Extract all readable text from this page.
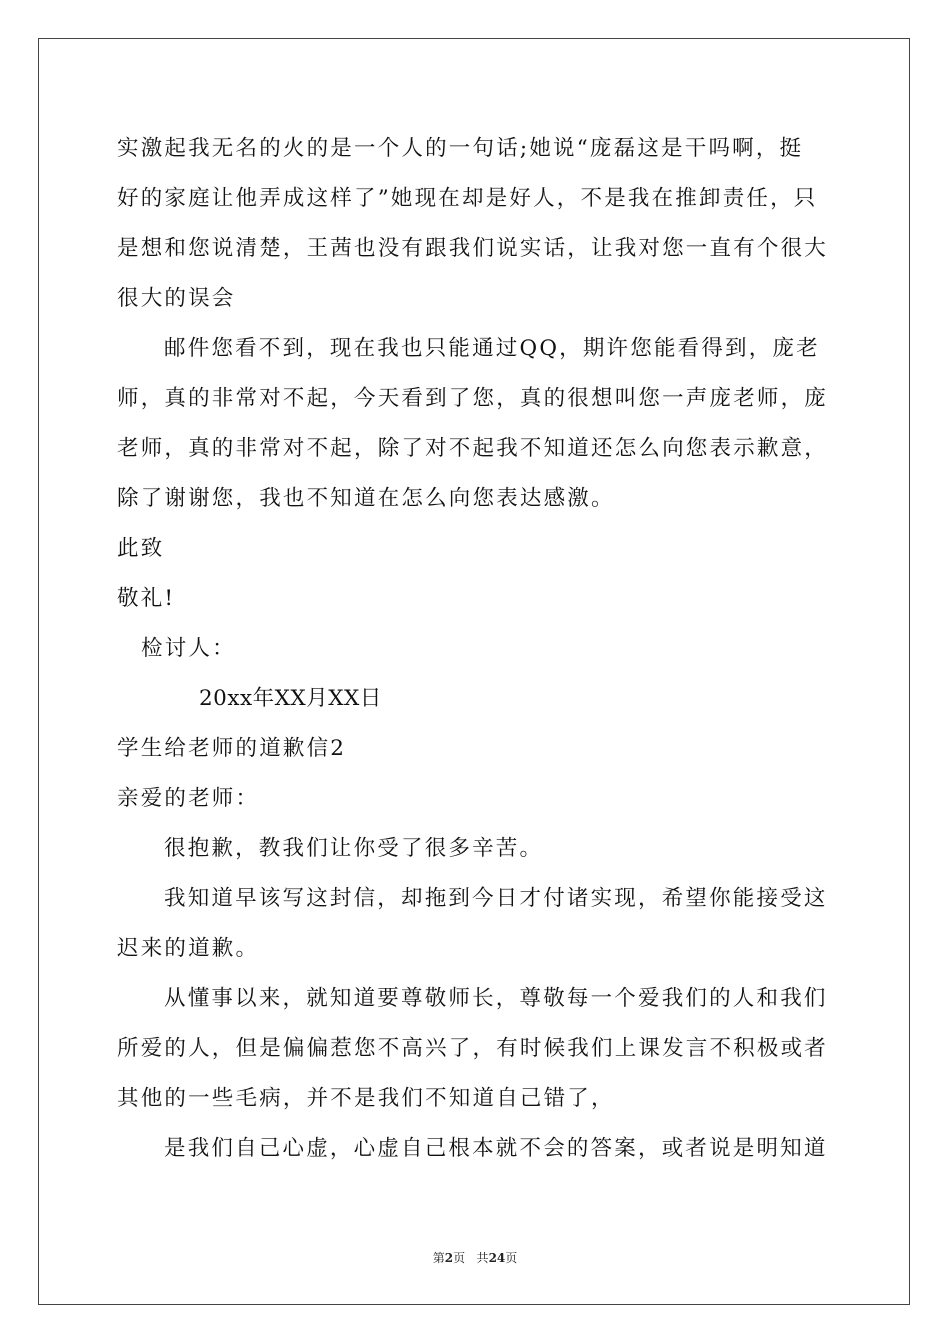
实激起我无名的火的是一个人的一句话;她说“庞磊这是干吗啊，挺
好的家庭让他弄成这样了”她现在却是好人，不是我在推卸责任，只
是想和您说清楚，王茜也没有跟我们说实话，让我对您一直有个很大
很大的误会
邮件您看不到，现在我也只能通过QQ，期许您能看得到，庞老
师，真的非常对不起，今天看到了您，真的很想叫您一声庞老师，庞
老师，真的非常对不起，除了对不起我不知道还怎么向您表示歉意，
除了谢谢您，我也不知道在怎么向您表达感激。
此致
敬礼!
检讨人：
20xx年XX月XX日
学生给老师的道歉信2
亲爱的老师：
很抱歉，教我们让你受了很多辛苦。
我知道早该写这封信，却拖到今日才付诸实现，希望你能接受这
迟来的道歉。
从懂事以来，就知道要尊敬师长，尊敬每一个爱我们的人和我们
所爱的人，但是偏偏惹您不高兴了，有时候我们上课发言不积极或者
其他的一些毛病，并不是我们不知道自己错了，
是我们自己心虚，心虚自己根本就不会的答案，或者说是明知道
第2页 共24页
